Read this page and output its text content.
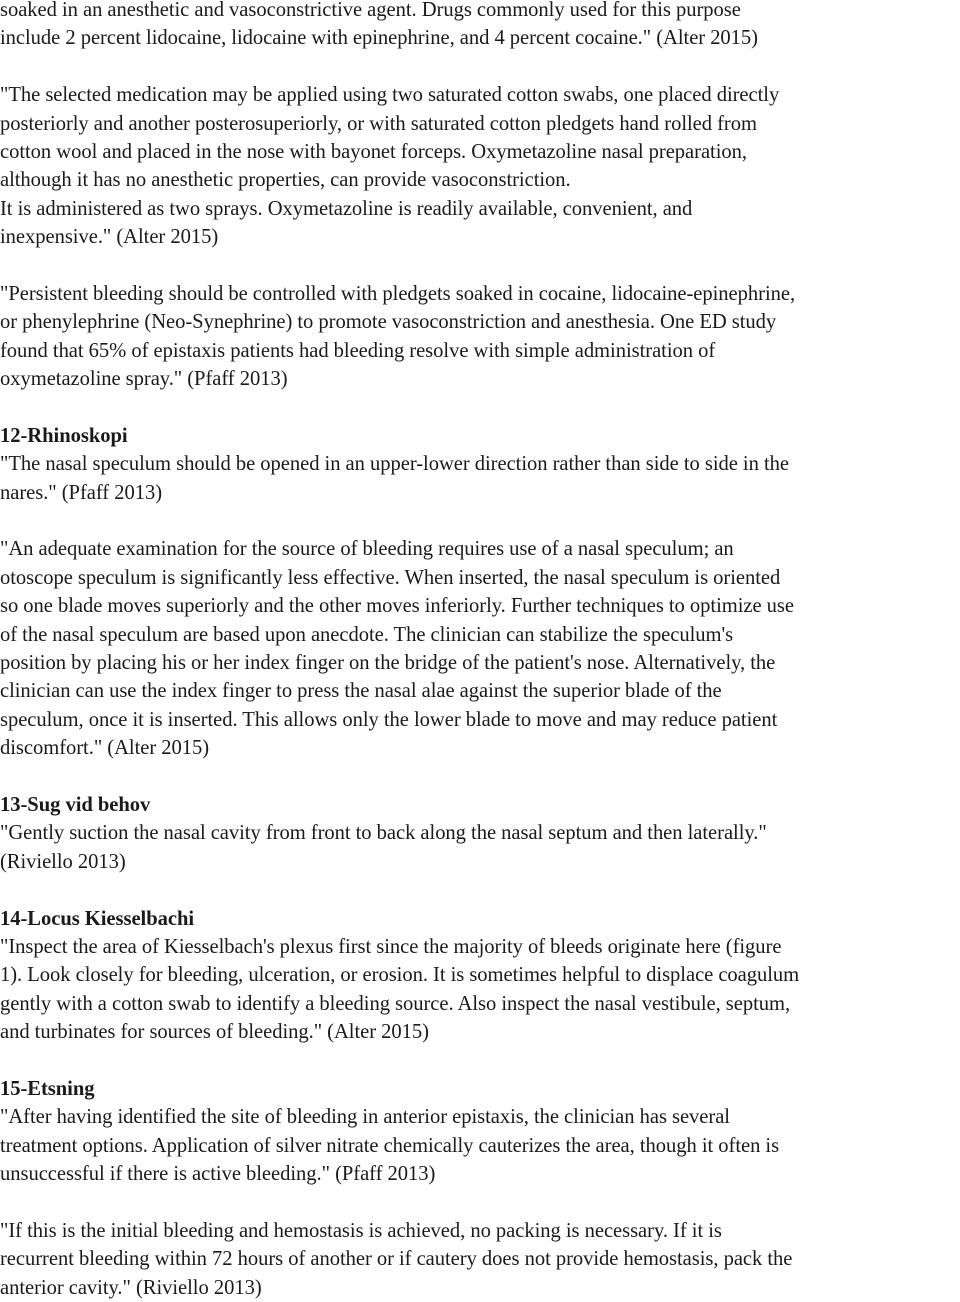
soaked in an anesthetic and vasoconstrictive agent. Drugs commonly used for this purpose
include 2 percent lidocaine, lidocaine with epinephrine, and 4 percent cocaine." (Alter 2015)
"The selected medication may be applied using two saturated cotton swabs, one placed directly
posteriorly and another posterosuperiorly, or with saturated cotton pledgets hand rolled from
cotton wool and placed in the nose with bayonet forceps. Oxymetazoline nasal preparation,
although it has no anesthetic properties, can provide vasoconstriction.
It is administered as two sprays. Oxymetazoline is readily available, convenient, and
inexpensive." (Alter 2015)
"Persistent bleeding should be controlled with pledgets soaked in cocaine, lidocaine-epinephrine,
or phenylephrine (Neo-Synephrine) to promote vasoconstriction and anesthesia. One ED study
found that 65% of epistaxis patients had bleeding resolve with simple administration of
oxymetazoline spray." (Pfaff 2013)
12-Rhinoskopi
"The nasal speculum should be opened in an upper-lower direction rather than side to side in the
nares." (Pfaff 2013)
"An adequate examination for the source of bleeding requires use of a nasal speculum; an
otoscope speculum is significantly less effective. When inserted, the nasal speculum is oriented
so one blade moves superiorly and the other moves inferiorly. Further techniques to optimize use
of the nasal speculum are based upon anecdote. The clinician can stabilize the speculum's
position by placing his or her index finger on the bridge of the patient's nose. Alternatively, the
clinician can use the index finger to press the nasal alae against the superior blade of the
speculum, once it is inserted. This allows only the lower blade to move and may reduce patient
discomfort." (Alter 2015)
13-Sug vid behov
"Gently suction the nasal cavity from front to back along the nasal septum and then laterally."
(Riviello 2013)
14-Locus Kiesselbachi
"Inspect the area of Kiesselbach's plexus first since the majority of bleeds originate here (figure
1). Look closely for bleeding, ulceration, or erosion. It is sometimes helpful to displace coagulum
gently with a cotton swab to identify a bleeding source. Also inspect the nasal vestibule, septum,
and turbinates for sources of bleeding." (Alter 2015)
15-Etsning
"After having identified the site of bleeding in anterior epistaxis, the clinician has several
treatment options. Application of silver nitrate chemically cauterizes the area, though it often is
unsuccessful if there is active bleeding." (Pfaff 2013)
"If this is the initial bleeding and hemostasis is achieved, no packing is necessary. If it is
recurrent bleeding within 72 hours of another or if cautery does not provide hemostasis, pack the
anterior cavity." (Riviello 2013)
